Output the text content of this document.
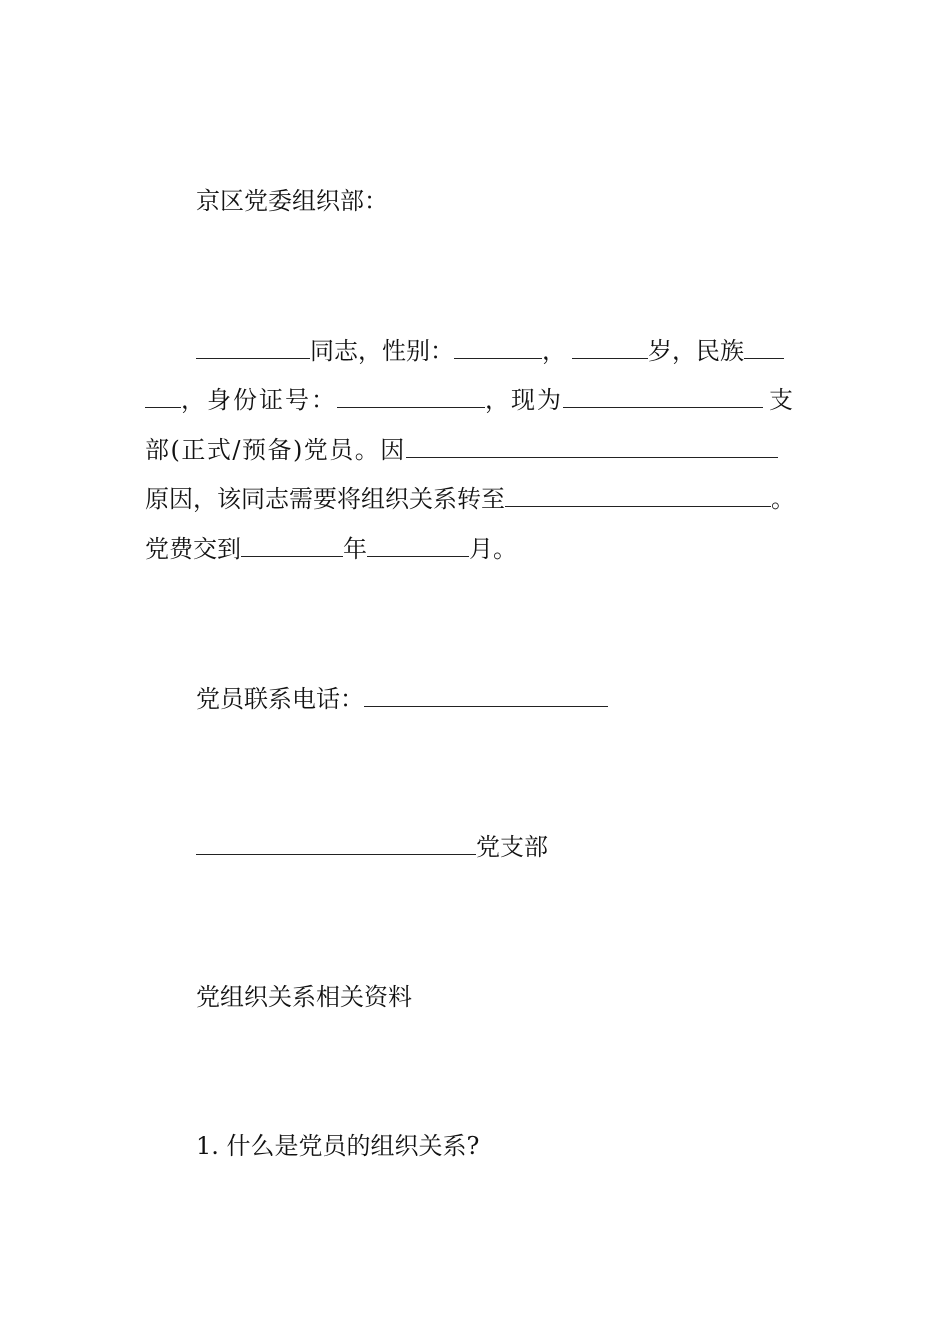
京区党委组织部：
同志，性别：	，	岁，民族
，身份证号：	，现为	支
部(正式/预备)党员。因
原因，该同志需要将组织关系转至	。
党费交到	年	月。
党员联系电话：
党支部
党组织关系相关资料
1. 什么是党员的组织关系?
